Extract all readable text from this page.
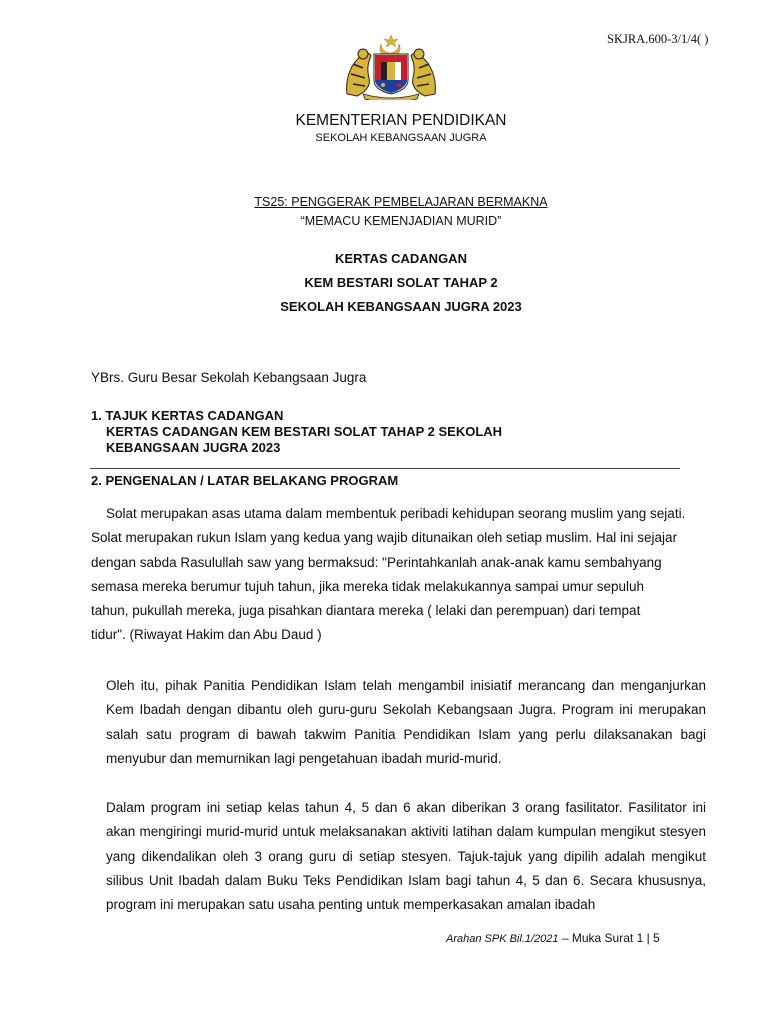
SKJRA.600-3/1/4( )
KEMENTERIAN PENDIDIKAN
SEKOLAH KEBANGSAAN JUGRA
TS25: PENGGERAK PEMBELAJARAN BERMAKNA
“MEMACU KEMENJADIAN MURID”
KERTAS CADANGAN
KEM BESTARI SOLAT TAHAP 2
SEKOLAH KEBANGSAAN JUGRA 2023
YBrs. Guru Besar Sekolah Kebangsaan Jugra
1. TAJUK KERTAS CADANGAN
KERTAS CADANGAN KEM BESTARI SOLAT TAHAP 2 SEKOLAH
KEBANGSAAN JUGRA 2023
2. PENGENALAN / LATAR BELAKANG PROGRAM
Solat merupakan asas utama dalam membentuk peribadi kehidupan seorang muslim yang sejati.
Solat merupakan rukun Islam yang kedua yang wajib ditunaikan oleh setiap muslim. Hal ini sejajar
dengan sabda Rasulullah saw yang bermaksud: "Perintahkanlah anak-anak kamu sembahyang
semasa mereka berumur tujuh tahun, jika mereka tidak melakukannya sampai umur sepuluh
tahun, pukullah mereka, juga pisahkan diantara mereka ( lelaki dan perempuan) dari tempat
tidur". (Riwayat Hakim dan Abu Daud )

Oleh itu, pihak Panitia Pendidikan Islam telah mengambil inisiatif merancang dan menganjurkan Kem Ibadah dengan dibantu oleh guru-guru Sekolah Kebangsaan Jugra. Program ini merupakan salah satu program di bawah takwim Panitia Pendidikan Islam yang perlu dilaksanakan bagi menyubur dan memurnikan lagi pengetahuan ibadah murid-murid.

Dalam program ini setiap kelas tahun 4, 5 dan 6 akan diberikan 3 orang fasilitator. Fasilitator ini akan mengiringi murid-murid untuk melaksanakan aktiviti latihan dalam kumpulan mengikut stesyen yang dikendalikan oleh 3 orang guru di setiap stesyen. Tajuk-tajuk yang dipilih adalah mengikut silibus Unit Ibadah dalam Buku Teks Pendidikan Islam bagi tahun 4, 5 dan 6. Secara khususnya, program ini merupakan satu usaha penting untuk memperkasakan amalan ibadah

Arahan SPK Bil.1/2021 – Muka Surat 1 | 5
